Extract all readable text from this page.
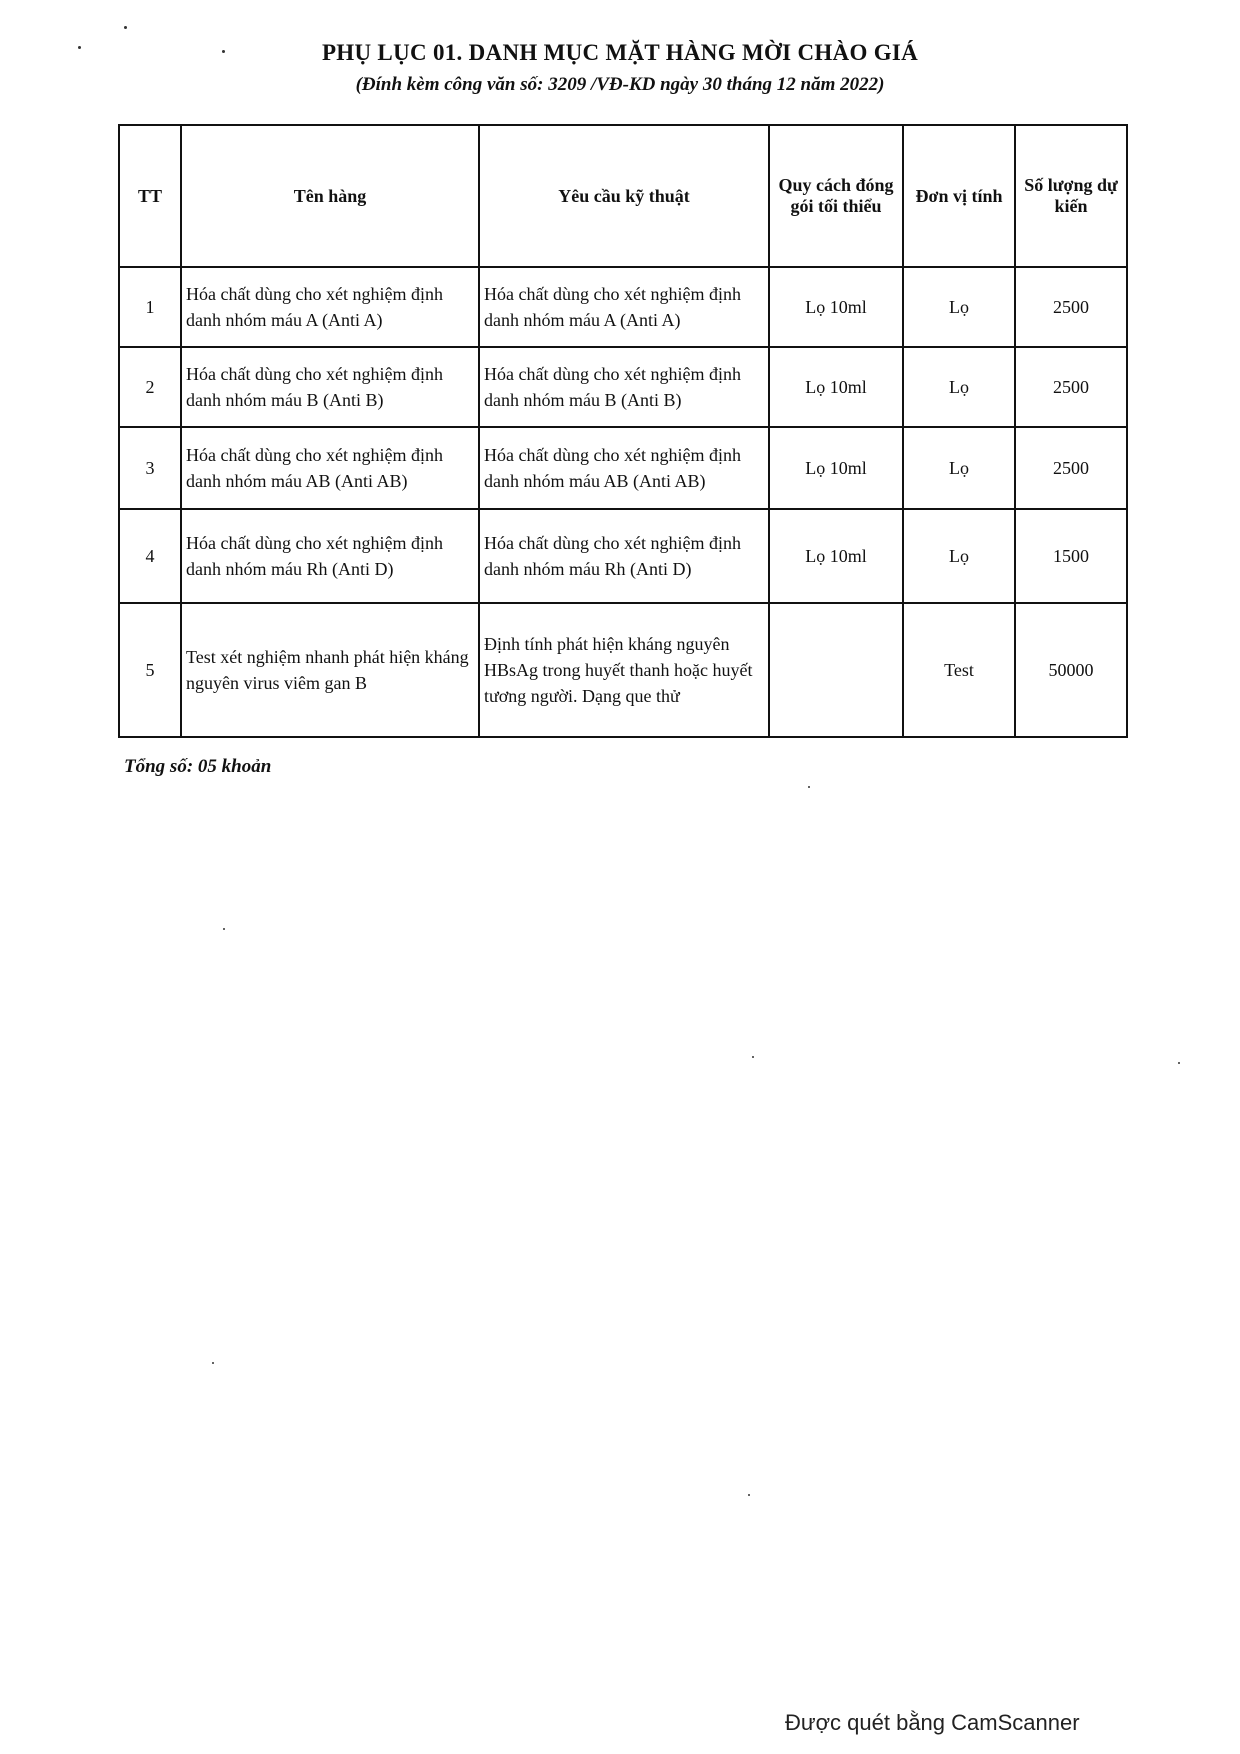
PHỤ LỤC 01. DANH MỤC MẶT HÀNG MỜI CHÀO GIÁ
(Đính kèm công văn số: 3209 /VĐ-KD ngày 30 tháng 12 năm 2022)
TT	Tên hàng	Yêu cầu kỹ thuật	Quy cách đóng gói tối thiểu	Đơn vị tính	Số lượng dự kiến
1	Hóa chất dùng cho xét nghiệm định danh nhóm máu A (Anti A)	Hóa chất dùng cho xét nghiệm định danh nhóm máu A (Anti A)	Lọ 10ml	Lọ	2500
2	Hóa chất dùng cho xét nghiệm định danh nhóm máu B (Anti B)	Hóa chất dùng cho xét nghiệm định danh nhóm máu B (Anti B)	Lọ 10ml	Lọ	2500
3	Hóa chất dùng cho xét nghiệm định danh nhóm máu AB (Anti AB)	Hóa chất dùng cho xét nghiệm định danh nhóm máu AB (Anti AB)	Lọ 10ml	Lọ	2500
4	Hóa chất dùng cho xét nghiệm định danh nhóm máu Rh (Anti D)	Hóa chất dùng cho xét nghiệm định danh nhóm máu Rh (Anti D)	Lọ 10ml	Lọ	1500
5	Test xét nghiệm nhanh phát hiện kháng nguyên virus viêm gan B	Định tính phát hiện kháng nguyên HBsAg trong huyết thanh hoặc huyết tương người. Dạng que thử		Test	50000
Tổng số: 05 khoản
Được quét bằng CamScanner
